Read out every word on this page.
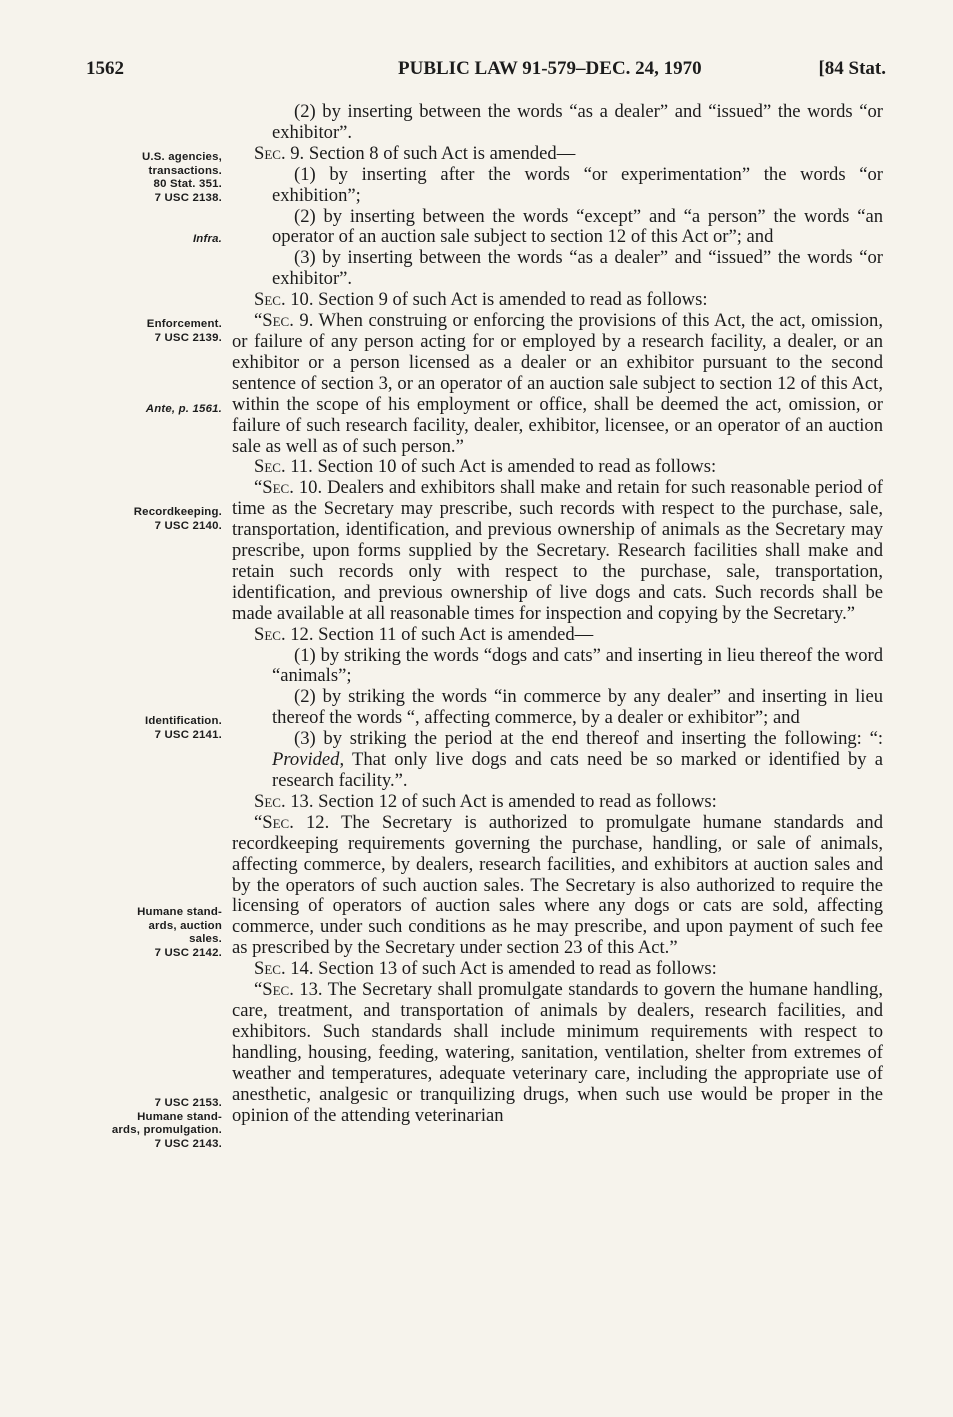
1562	PUBLIC LAW 91-579–DEC. 24, 1970	[84 Stat.
U.S. agencies,
transactions.
80 Stat. 351.
7 USC 2138.
Infra.
Enforcement.
7 USC 2139.
Ante, p. 1561.
Recordkeeping.
7 USC 2140.
Identification.
7 USC 2141.
Humane stand-
ards, auction
sales.
7 USC 2142.
7 USC 2153.
Humane stand-
ards, promulgation.
7 USC 2143.

(2) by inserting between the words “as a dealer” and “issued” the words “or exhibitor”.

Sec. 9. Section 8 of such Act is amended—

(1) by inserting after the words “or experimentation” the words “or exhibition”;

(2) by inserting between the words “except” and “a person” the words “an operator of an auction sale subject to section 12 of this Act or”; and

(3) by inserting between the words “as a dealer” and “issued” the words “or exhibitor”.

Sec. 10. Section 9 of such Act is amended to read as follows:

“Sec. 9. When construing or enforcing the provisions of this Act, the act, omission, or failure of any person acting for or employed by a research facility, a dealer, or an exhibitor or a person licensed as a dealer or an exhibitor pursuant to the second sentence of section 3, or an operator of an auction sale subject to section 12 of this Act, within the scope of his employment or office, shall be deemed the act, omission, or failure of such research facility, dealer, exhibitor, licensee, or an operator of an auction sale as well as of such person.”

Sec. 11. Section 10 of such Act is amended to read as follows:

“Sec. 10. Dealers and exhibitors shall make and retain for such reasonable period of time as the Secretary may prescribe, such records with respect to the purchase, sale, transportation, identification, and previous ownership of animals as the Secretary may prescribe, upon forms supplied by the Secretary. Research facilities shall make and retain such records only with respect to the purchase, sale, transportation, identification, and previous ownership of live dogs and cats. Such records shall be made available at all reasonable times for inspection and copying by the Secretary.”

Sec. 12. Section 11 of such Act is amended—

(1) by striking the words “dogs and cats” and inserting in lieu thereof the word “animals”;

(2) by striking the words “in commerce by any dealer” and inserting in lieu thereof the words “, affecting commerce, by a dealer or exhibitor”; and

(3) by striking the period at the end thereof and inserting the following: “: Provided, That only live dogs and cats need be so marked or identified by a research facility.”.

Sec. 13. Section 12 of such Act is amended to read as follows:

“Sec. 12. The Secretary is authorized to promulgate humane standards and recordkeeping requirements governing the purchase, handling, or sale of animals, affecting commerce, by dealers, research facilities, and exhibitors at auction sales and by the operators of such auction sales. The Secretary is also authorized to require the licensing of operators of auction sales where any dogs or cats are sold, affecting commerce, under such conditions as he may prescribe, and upon payment of such fee as prescribed by the Secretary under section 23 of this Act.”

Sec. 14. Section 13 of such Act is amended to read as follows:

“Sec. 13. The Secretary shall promulgate standards to govern the humane handling, care, treatment, and transportation of animals by dealers, research facilities, and exhibitors. Such standards shall include minimum requirements with respect to handling, housing, feeding, watering, sanitation, ventilation, shelter from extremes of weather and temperatures, adequate veterinary care, including the appropriate use of anesthetic, analgesic or tranquilizing drugs, when such use would be proper in the opinion of the attending veterinarian
